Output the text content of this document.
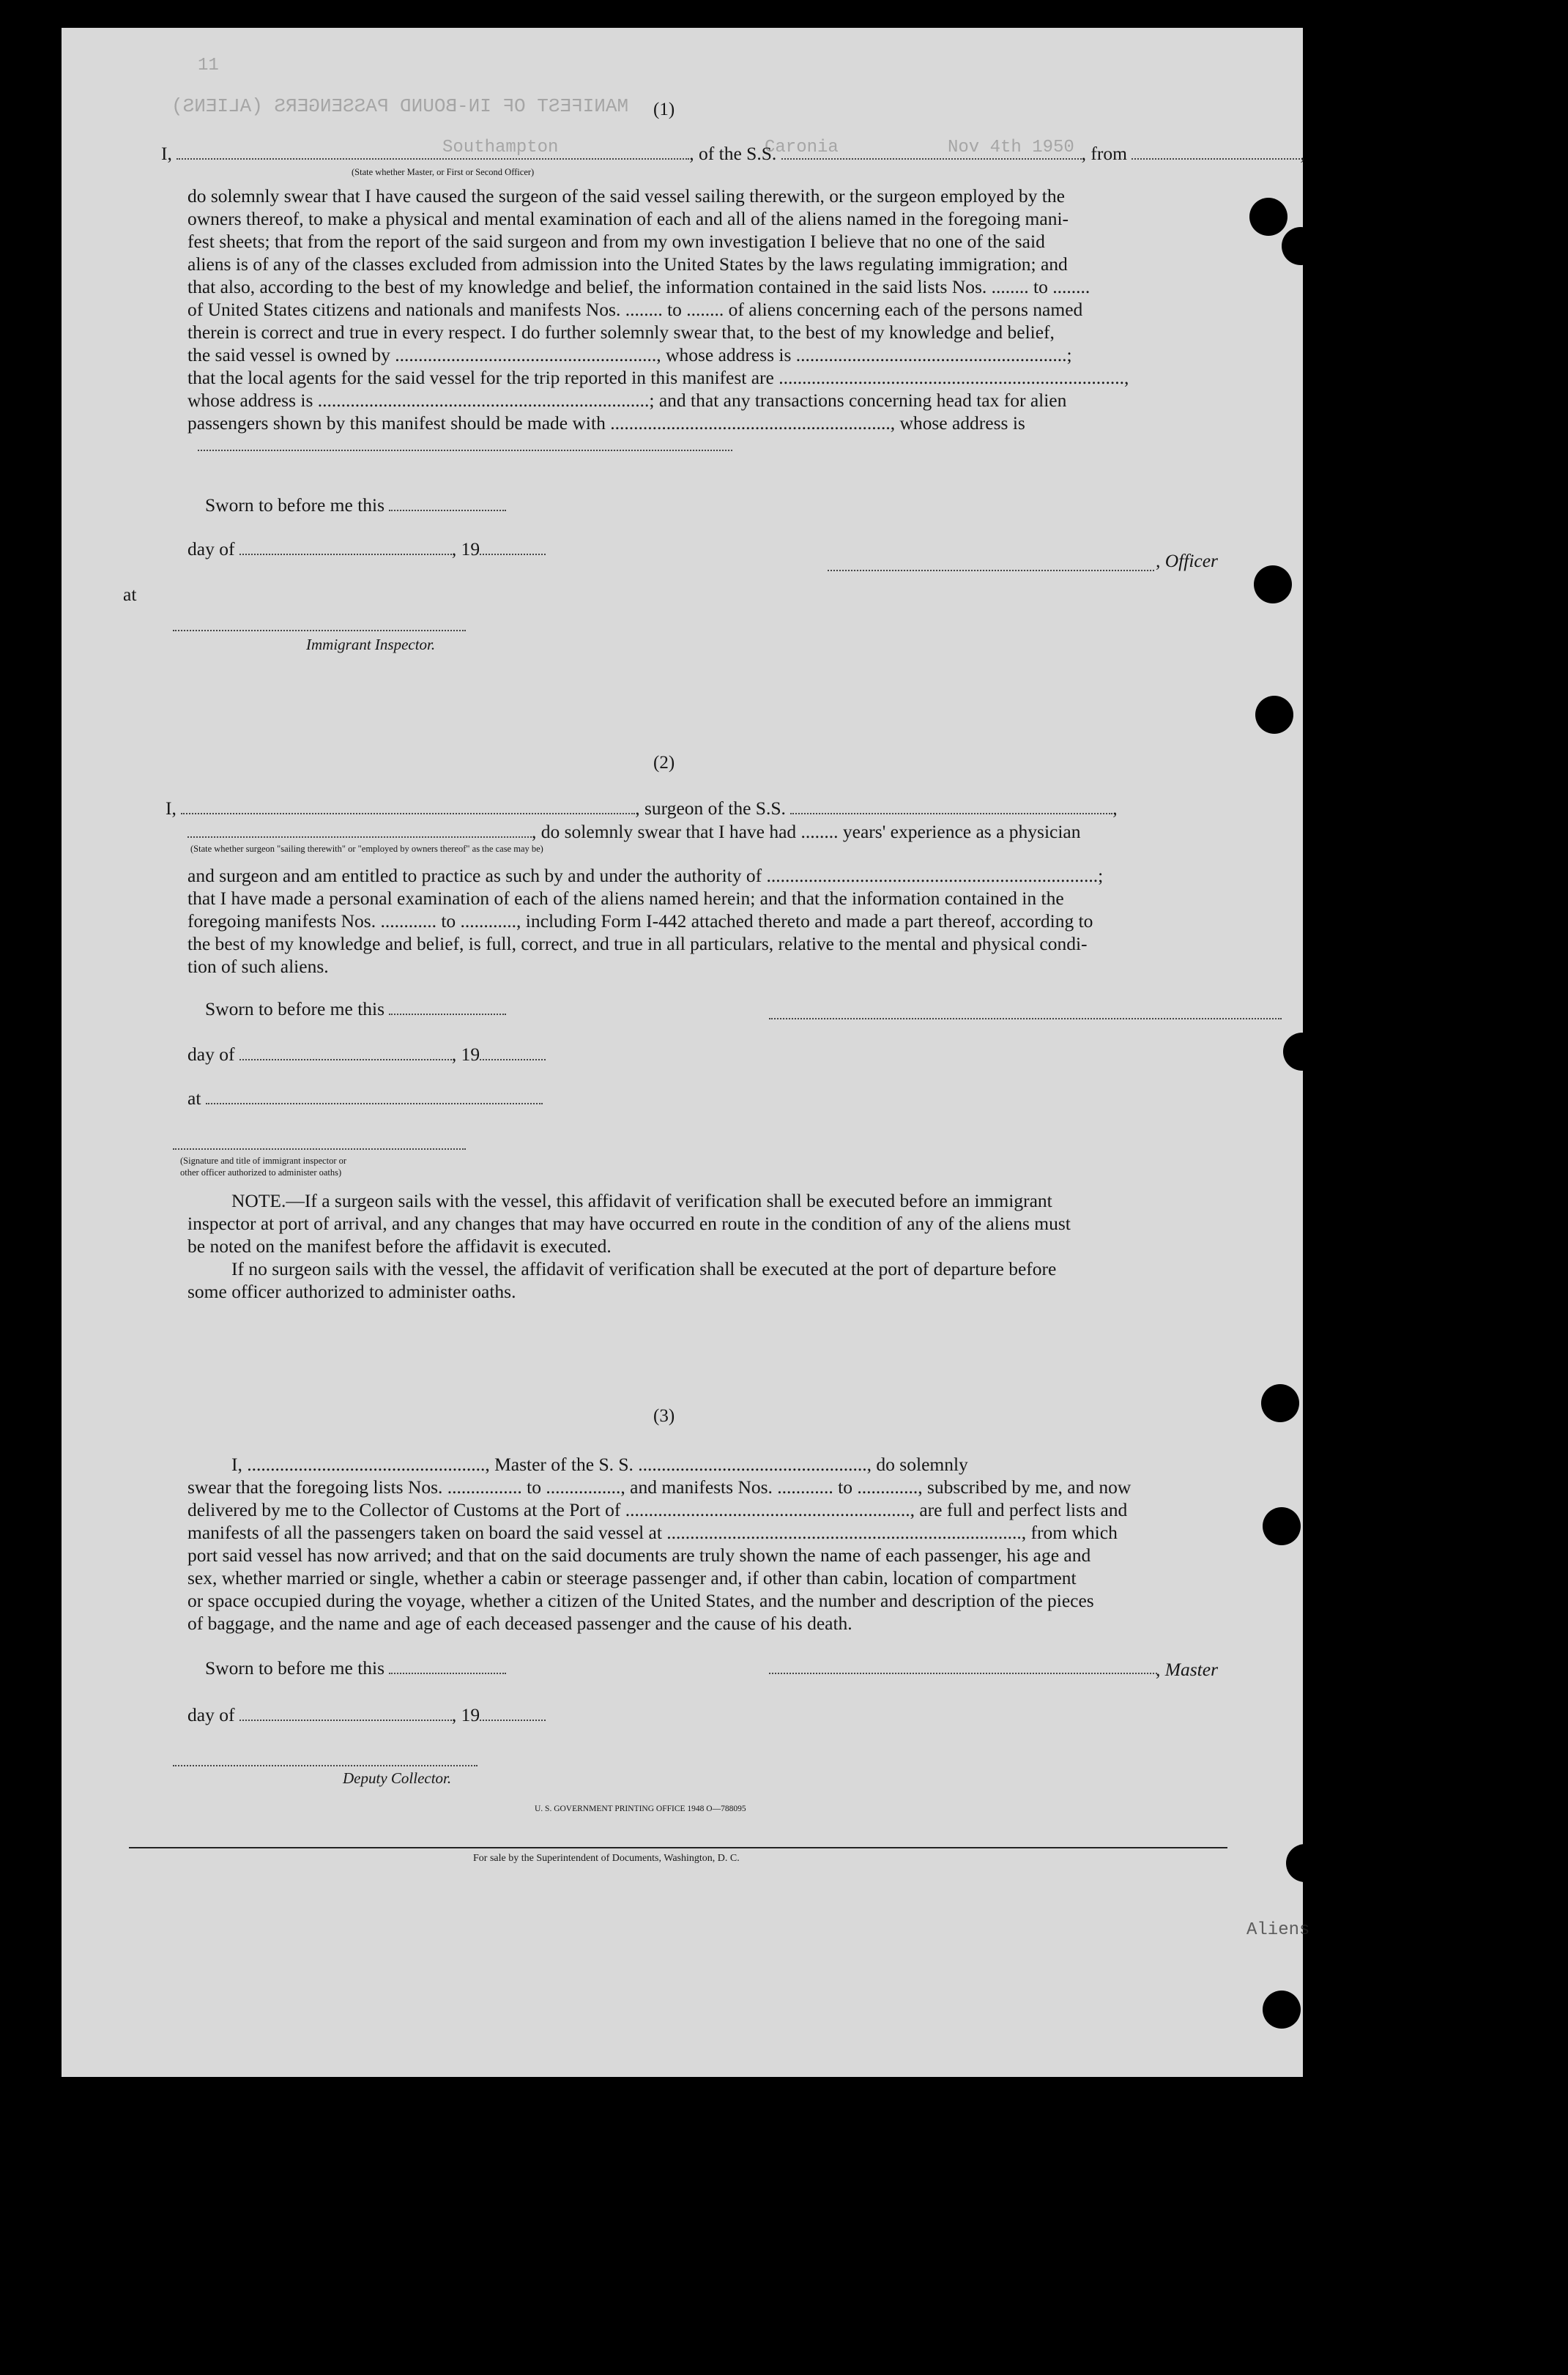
11
MANIFEST OF IN-BOUND PASSENGERS (ALIENS)
Caronia	Nov 4th 1950
Southampton
(1)
I,	, of the S.S.	, from	,
(State whether Master, or First or Second Officer)
do solemnly swear that I have caused the surgeon of the said vessel sailing therewith, or the surgeon employed by the
owners thereof, to make a physical and mental examination of each and all of the aliens named in the foregoing mani-
fest sheets; that from the report of the said surgeon and from my own investigation I believe that no one of the said
aliens is of any of the classes excluded from admission into the United States by the laws regulating immigration; and
that also, according to the best of my knowledge and belief, the information contained in the said lists Nos. ........ to ........
of United States citizens and nationals and manifests Nos. ........ to ........ of aliens concerning each of the persons named
therein is correct and true in every respect. I do further solemnly swear that, to the best of my knowledge and belief,
the said vessel is owned by ........................................................, whose address is ..........................................................;
that the local agents for the said vessel for the trip reported in this manifest are ..........................................................................,
whose address is .......................................................................; and that any transactions concerning head tax for alien
passengers shown by this manifest should be made with ............................................................, whose address is
Sworn to before me this
day of	, 19
, Officer
at
Immigrant Inspector.
(2)
I,	, surgeon of the S.S.	,
, do solemnly swear that I have had ........ years' experience as a physician
(State whether surgeon "sailing therewith" or "employed by owners thereof" as the case may be)
and surgeon and am entitled to practice as such by and under the authority of .......................................................................;
that I have made a personal examination of each of the aliens named herein; and that the information contained in the
foregoing manifests Nos. ............ to ............, including Form I-442 attached thereto and made a part thereof, according to
the best of my knowledge and belief, is full, correct, and true in all particulars, relative to the mental and physical condi-
tion of such aliens.
Sworn to before me this
day of	, 19
at
(Signature and title of immigrant inspector or
other officer authorized to administer oaths)
NOTE.—If a surgeon sails with the vessel, this affidavit of verification shall be executed before an immigrant
inspector at port of arrival, and any changes that may have occurred en route in the condition of any of the aliens must
be noted on the manifest before the affidavit is executed.
If no surgeon sails with the vessel, the affidavit of verification shall be executed at the port of departure before
some officer authorized to administer oaths.
(3)
I, ..................................................., Master of the S. S. ................................................., do solemnly
swear that the foregoing lists Nos. ................ to ................, and manifests Nos. ............ to ............., subscribed by me, and now
delivered by me to the Collector of Customs at the Port of ............................................................., are full and perfect lists and
manifests of all the passengers taken on board the said vessel at ............................................................................, from which
port said vessel has now arrived; and that on the said documents are truly shown the name of each passenger, his age and
sex, whether married or single, whether a cabin or steerage passenger and, if other than cabin, location of compartment
or space occupied during the voyage, whether a citizen of the United States, and the number and description of the pieces
of baggage, and the name and age of each deceased passenger and the cause of his death.
Sworn to before me this	, Master
day of	, 19
Deputy Collector.
U. S. GOVERNMENT PRINTING OFFICE 1948 O—788095
For sale by the Superintendent of Documents, Washington, D. C.
Aliens
